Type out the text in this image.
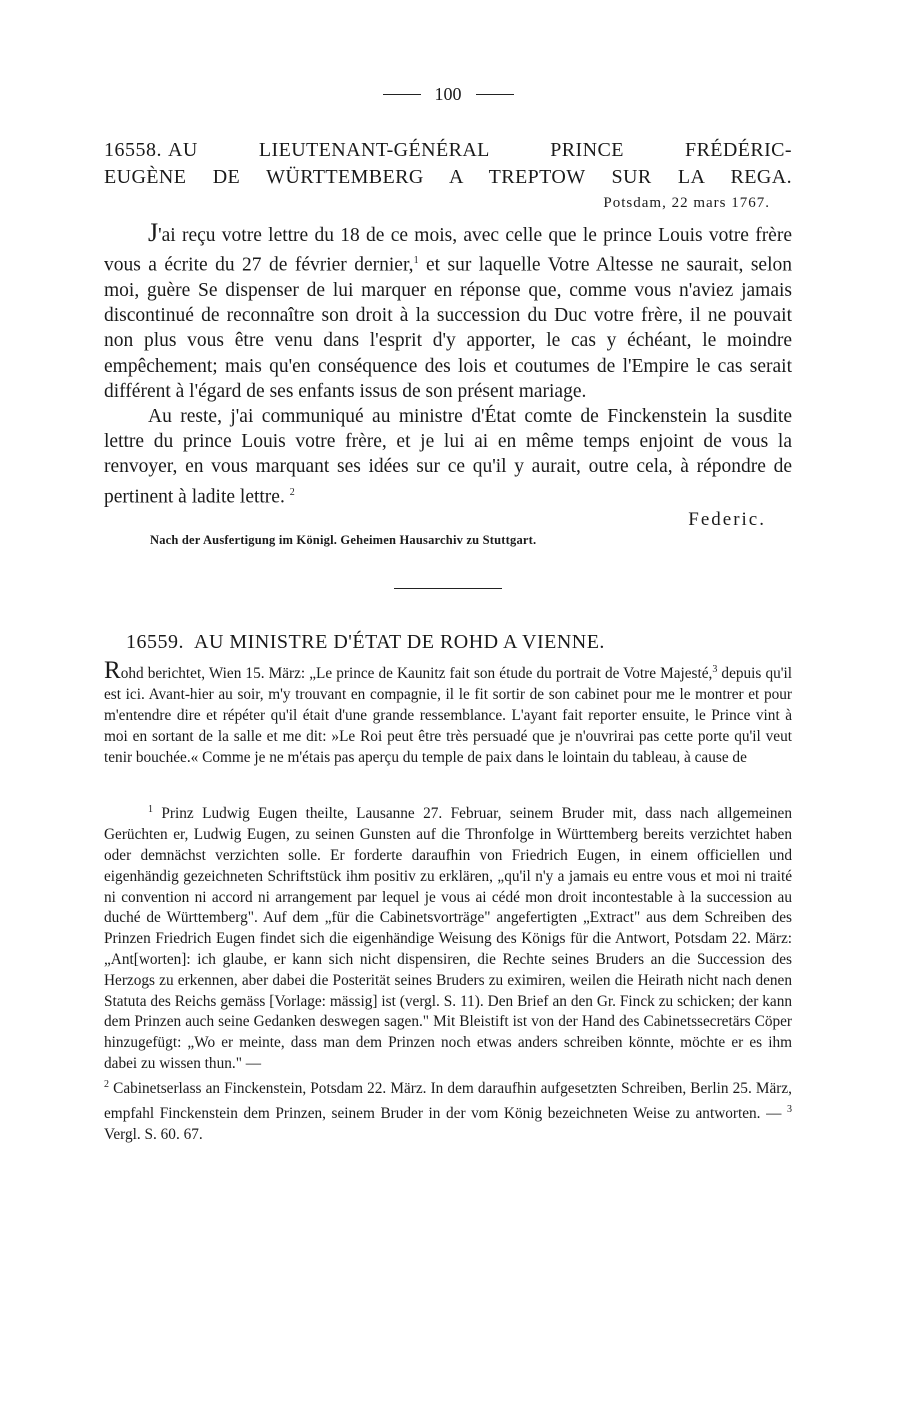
100
16558. AU LIEUTENANT-GÉNÉRAL PRINCE FRÉDÉRIC-
EUGÈNE DE WÜRTTEMBERG A TREPTOW SUR LA REGA.
Potsdam, 22 mars 1767.

J'ai reçu votre lettre du 18 de ce mois, avec celle que le prince Louis votre frère vous a écrite du 27 de février dernier,$^1$ et sur laquelle Votre Altesse ne saurait, selon moi, guère Se dispenser de lui marquer en réponse que, comme vous n'aviez jamais discontinué de reconnaître son droit à la succession du Duc votre frère, il ne pouvait non plus vous être venu dans l'esprit d'y apporter, le cas y échéant, le moindre empêchement; mais qu'en conséquence des lois et coutumes de l'Empire le cas serait différent à l'égard de ses enfants issus de son présent mariage.

Au reste, j'ai communiqué au ministre d'État comte de Finckenstein la susdite lettre du prince Louis votre frère, et je lui ai en même temps enjoint de vous la renvoyer, en vous marquant ses idées sur ce qu'il y aurait, outre cela, à répondre de pertinent à ladite lettre. $^2$

Federic.
Nach der Ausfertigung im Königl. Geheimen Hausarchiv zu Stuttgart.
16559. AU MINISTRE D'ÉTAT DE ROHD A VIENNE.

Rohd berichtet, Wien 15. März: „Le prince de Kaunitz fait son étude du portrait de Votre Majesté,$^3$ depuis qu'il est ici. Avant-hier au soir, m'y trouvant en compagnie, il le fit sortir de son cabinet pour me le montrer et pour m'entendre dire et répéter qu'il était d'une grande ressemblance. L'ayant fait reporter ensuite, le Prince vint à moi en sortant de la salle et me dit: »Le Roi peut être très persuadé que je n'ouvrirai pas cette porte qu'il veut tenir bouchée.« Comme je ne m'étais pas aperçu du temple de paix dans le lointain du tableau, à cause de

$^1$ Prinz Ludwig Eugen theilte, Lausanne 27. Februar, seinem Bruder mit, dass nach allgemeinen Gerüchten er, Ludwig Eugen, zu seinen Gunsten auf die Thronfolge in Württemberg bereits verzichtet haben oder demnächst verzichten solle. Er forderte daraufhin von Friedrich Eugen, in einem officiellen und eigenhändig gezeichneten Schriftstück ihm positiv zu erklären, „qu'il n'y a jamais eu entre vous et moi ni traité ni convention ni accord ni arrangement par lequel je vous ai cédé mon droit incontestable à la succession au duché de Württemberg". Auf dem „für die Cabinetsvorträge" angefertigten „Extract" aus dem Schreiben des Prinzen Friedrich Eugen findet sich die eigenhändige Weisung des Königs für die Antwort, Potsdam 22. März: „Ant[worten]: ich glaube, er kann sich nicht dispensiren, die Rechte seines Bruders an die Succession des Herzogs zu erkennen, aber dabei die Posterität seines Bruders zu eximiren, weilen die Heirath nicht nach denen Statuta des Reichs gemäss [Vorlage: mässig] ist (vergl. S. 11). Den Brief an den Gr. Finck zu schicken; der kann dem Prinzen auch seine Gedanken deswegen sagen." Mit Bleistift ist von der Hand des Cabinetssecretärs Cöper hinzugefügt: „Wo er meinte, dass man dem Prinzen noch etwas anders schreiben könnte, möchte er es ihm dabei zu wissen thun." —

$^2$ Cabinetserlass an Finckenstein, Potsdam 22. März. In dem daraufhin aufgesetzten Schreiben, Berlin 25. März, empfahl Finckenstein dem Prinzen, seinem Bruder in der vom König bezeichneten Weise zu antworten. — $^3$ Vergl. S. 60. 67.
